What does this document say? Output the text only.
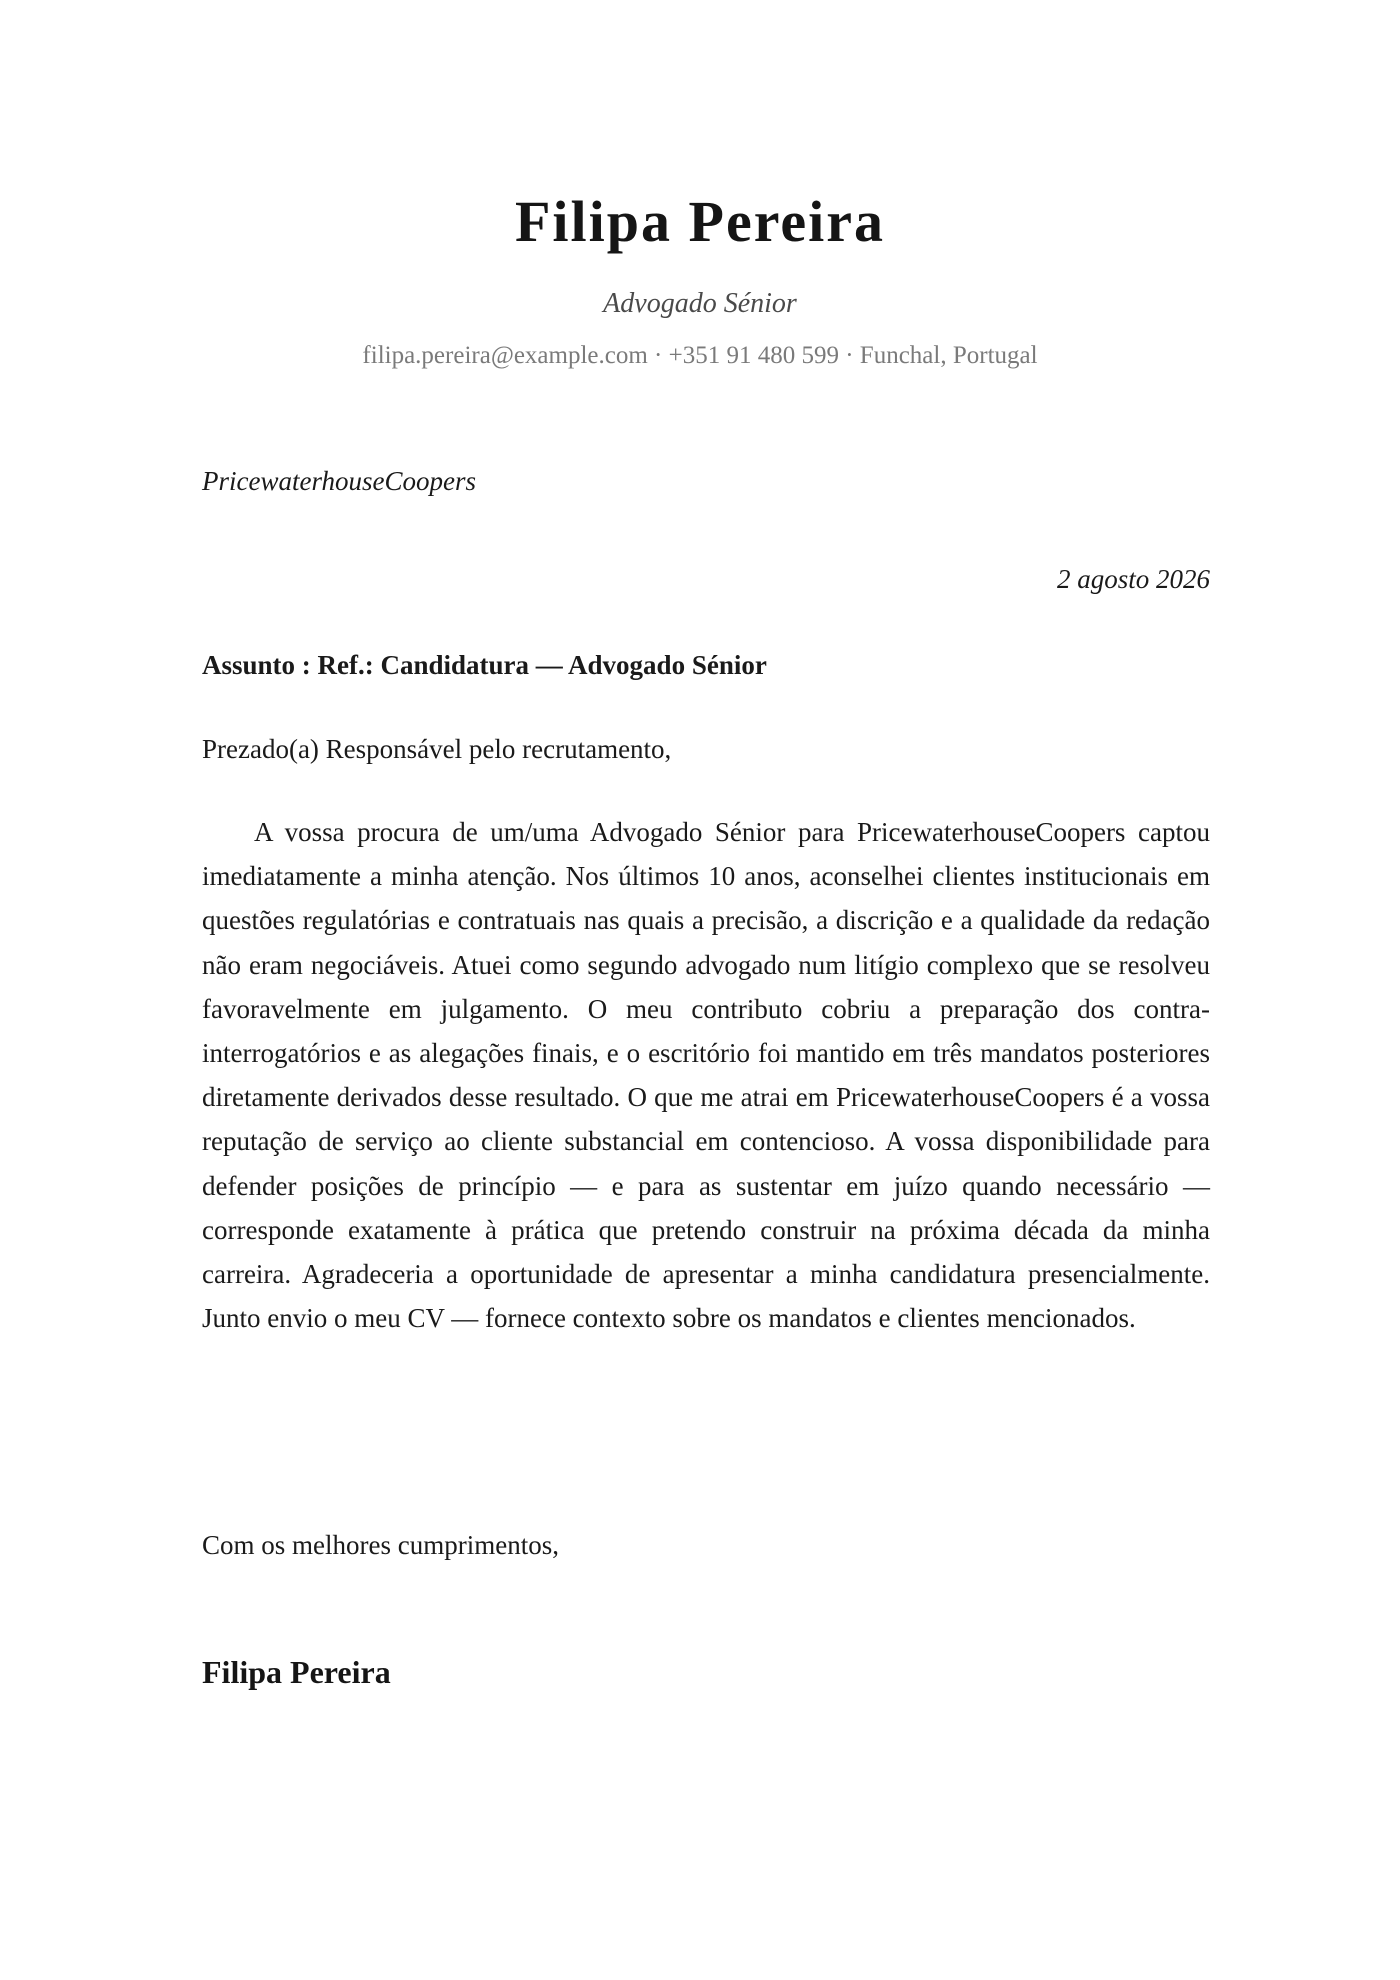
Filipa Pereira
Advogado Sénior
filipa.pereira@example.com · +351 91 480 599 · Funchal, Portugal
PricewaterhouseCoopers
2 agosto 2026
Assunto : Ref.: Candidatura — Advogado Sénior
Prezado(a) Responsável pelo recrutamento,
A vossa procura de um/uma Advogado Sénior para PricewaterhouseCoopers captou imediatamente a minha atenção. Nos últimos 10 anos, aconselhei clientes institucionais em questões regulatórias e contratuais nas quais a precisão, a discrição e a qualidade da redação não eram negociáveis. Atuei como segundo advogado num litígio complexo que se resolveu favoravelmente em julgamento. O meu contributo cobriu a preparação dos contra-interrogatórios e as alegações finais, e o escritório foi mantido em três mandatos posteriores diretamente derivados desse resultado. O que me atrai em PricewaterhouseCoopers é a vossa reputação de serviço ao cliente substancial em contencioso. A vossa disponibilidade para defender posições de princípio — e para as sustentar em juízo quando necessário — corresponde exatamente à prática que pretendo construir na próxima década da minha carreira. Agradeceria a oportunidade de apresentar a minha candidatura presencialmente. Junto envio o meu CV — fornece contexto sobre os mandatos e clientes mencionados.
Com os melhores cumprimentos,
Filipa Pereira
